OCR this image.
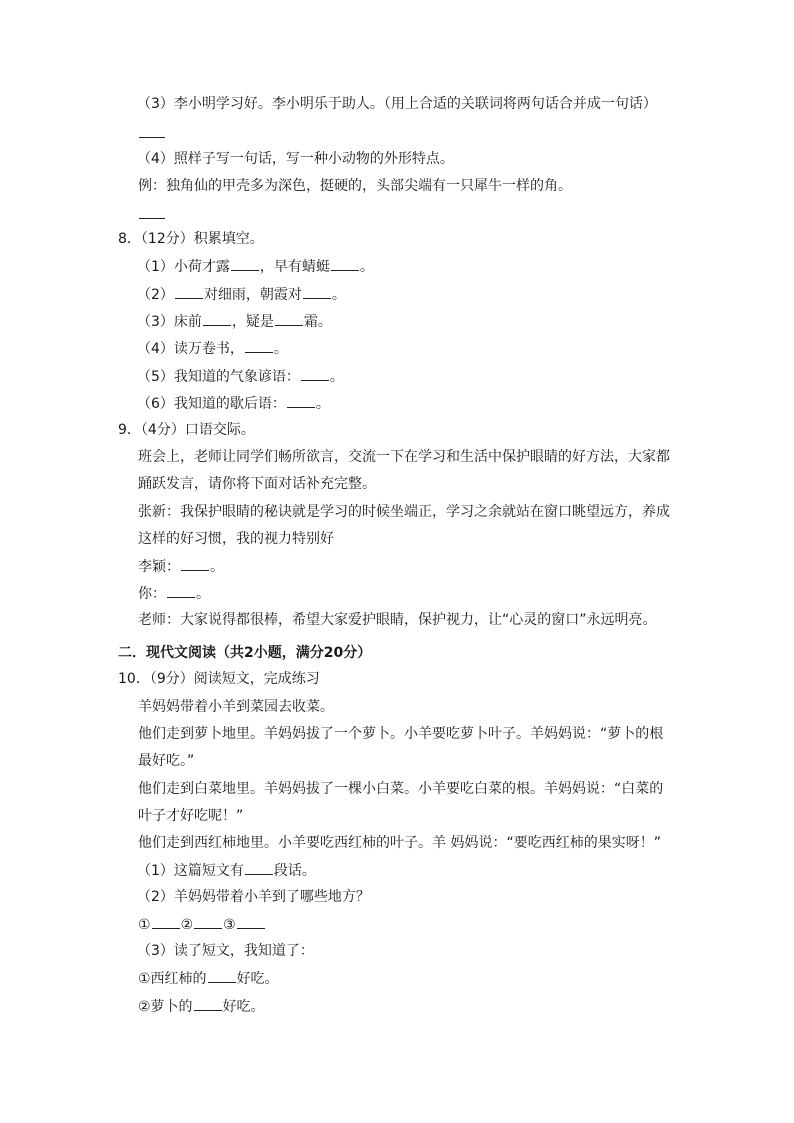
（3）李小明学习好。李小明乐于助人。（用上合适的关联词将两句话合并成一句话）
（4）照样子写一句话，写一种小动物的外形特点。
例：独角仙的甲壳多为深色，挺硬的，头部尖端有一只犀牛一样的角。
8．（12分）积累填空。
（1）小荷才露 ，早有蜻蜓 。
（2） 对细雨，朝霞对 。
（3）床前 ，疑是 霜。
（4）读万卷书， 。
（5）我知道的气象谚语： 。
（6）我知道的歇后语： 。
9．（4分）口语交际。
班会上，老师让同学们畅所欲言，交流一下在学习和生活中保护眼睛的好方法，大家都
踊跃发言，请你将下面对话补充完整。
张新：我保护眼睛的秘诀就是学习的时候坐端正，学习之余就站在窗口眺望远方，养成
这样的好习惯，我的视力特别好
李颖： 。
你： 。
老师：大家说得都很棒，希望大家爱护眼睛，保护视力，让“心灵的窗口”永远明亮。
二．现代文阅读（共2小题，满分20分）
10．（9分）阅读短文，完成练习
羊妈妈带着小羊到菜园去收菜。
他们走到萝卜地里。羊妈妈拔了一个萝卜。小羊要吃萝卜叶子。羊妈妈说：“萝卜的根
最好吃。”
他们走到白菜地里。羊妈妈拔了一棵小白菜。小羊要吃白菜的根。羊妈妈说：“白菜的
叶子才好吃呢！”
他们走到西红柿地里。小羊要吃西红柿的叶子。羊 妈妈说：“要吃西红柿的果实呀！”
（1）这篇短文有 段话。
（2）羊妈妈带着小羊到了哪些地方？
① ② ③
（3）读了短文，我知道了：
①西红柿的 好吃。
②萝卜的 好吃。
